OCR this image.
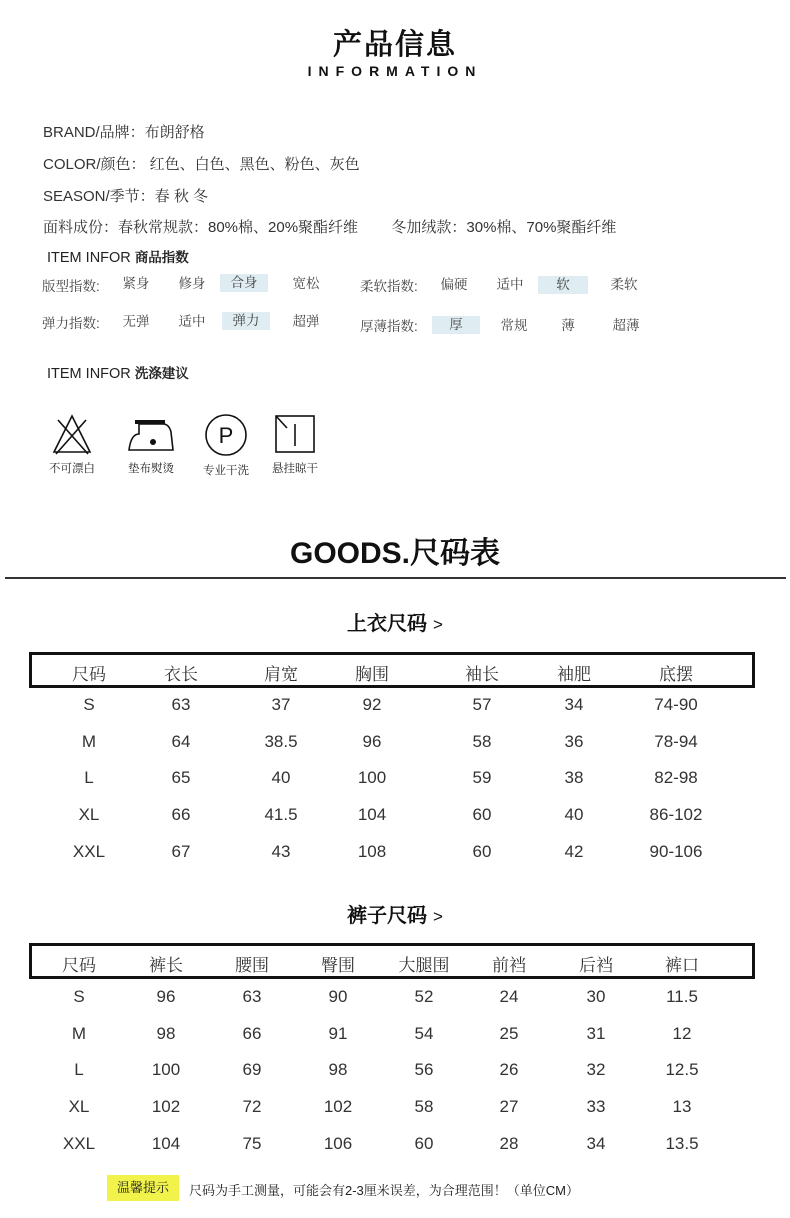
产品信息
INFORMATION
BRAND/品牌：布朗舒格
COLOR/颜色： 红色、白色、黑色、粉色、灰色
SEASON/季节：春 秋 冬
面料成份：春秋常规款：80%棉、20%聚酯纤维        冬加绒款：30%棉、70%聚酯纤维
ITEM INFOR 商品指数
版型指数:	紧身	修身	合身	宽松	柔软指数:	偏硬	适中	软	柔软
弹力指数:	无弹	适中	弹力	超弹	厚薄指数:	厚	常规	薄	超薄
ITEM INFOR 洗涤建议
不可漂白	垫布熨烫
P
专业干洗	悬挂晾干
GOODS.尺码表
上衣尺码 >
尺码	衣长	肩宽	胸围	袖长	袖肥	底摆
S	63	37	92	57	34	74-90
M	64	38.5	96	58	36	78-94
L	65	40	100	59	38	82-98
XL	66	41.5	104	60	40	86-102
XXL	67	43	108	60	42	90-106
裤子尺码 >
尺码	裤长	腰围	臀围	大腿围	前裆	后裆	裤口
S	96	63	90	52	24	30	11.5
M	98	66	91	54	25	31	12
L	100	69	98	56	26	32	12.5
XL	102	72	102	58	27	33	13
XXL	104	75	106	60	28	34	13.5
温馨提示	尺码为手工测量，可能会有2-3厘米误差，为合理范围！（单位CM）
